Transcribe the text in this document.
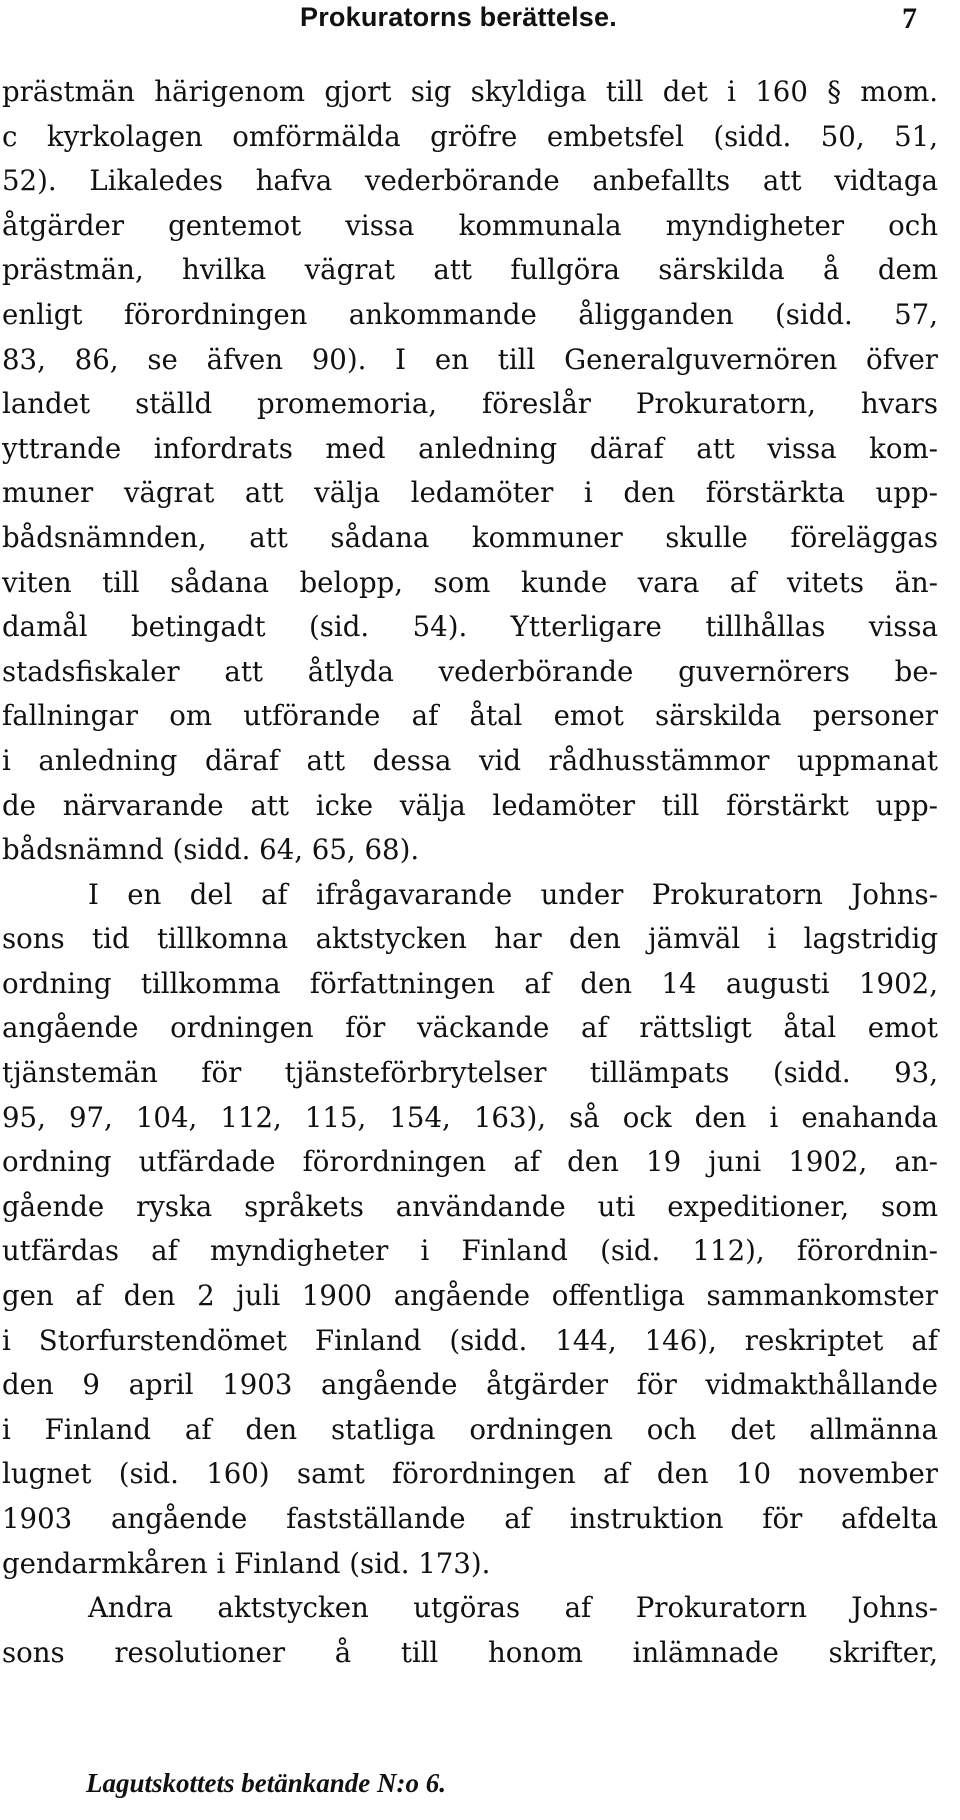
Prokuratorns berättelse.	7
prästmän härigenom gjort sig skyldiga till det i 160 § mom.
c kyrkolagen omförmälda gröfre embetsfel (sidd. 50, 51,
52). Likaledes hafva vederbörande anbefallts att vidtaga
åtgärder gentemot vissa kommunala myndigheter och
prästmän, hvilka vägrat att fullgöra särskilda å dem
enligt förordningen ankommande åligganden (sidd. 57,
83, 86, se äfven 90). I en till Generalguvernören öfver
landet ställd promemoria, föreslår Prokuratorn, hvars
yttrande infordrats med anledning däraf att vissa kom-
muner vägrat att välja ledamöter i den förstärkta upp-
bådsnämnden, att sådana kommuner skulle föreläggas
viten till sådana belopp, som kunde vara af vitets än-
damål betingadt (sid. 54). Ytterligare tillhållas vissa
stadsfiskaler att åtlyda vederbörande guvernörers be-
fallningar om utförande af åtal emot särskilda personer
i anledning däraf att dessa vid rådhusstämmor uppmanat
de närvarande att icke välja ledamöter till förstärkt upp-
bådsnämnd (sidd. 64, 65, 68).
I en del af ifrågavarande under Prokuratorn Johns-
sons tid tillkomna aktstycken har den jämväl i lagstridig
ordning tillkomma författningen af den 14 augusti 1902,
angående ordningen för väckande af rättsligt åtal emot
tjänstemän för tjänsteförbrytelser tillämpats (sidd. 93,
95, 97, 104, 112, 115, 154, 163), så ock den i enahanda
ordning utfärdade förordningen af den 19 juni 1902, an-
gående ryska språkets användande uti expeditioner, som
utfärdas af myndigheter i Finland (sid. 112), förordnin-
gen af den 2 juli 1900 angående offentliga sammankomster
i Storfurstendömet Finland (sidd. 144, 146), reskriptet af
den 9 april 1903 angående åtgärder för vidmakthållande
i Finland af den statliga ordningen och det allmänna
lugnet (sid. 160) samt förordningen af den 10 november
1903 angående fastställande af instruktion för afdelta
gendarmkåren i Finland (sid. 173).
Andra aktstycken utgöras af Prokuratorn Johns-
sons resolutioner å till honom inlämnade skrifter,
Lagutskottets betänkande N:o 6.
